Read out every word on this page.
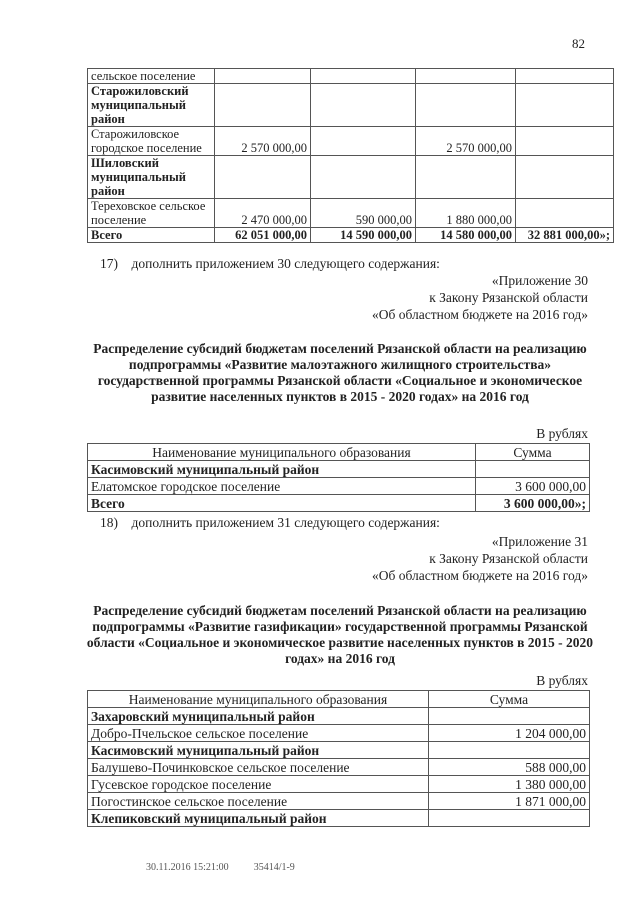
82
сельское поселение				
Старожиловский муниципальный район				
Старожиловское городское поселение	2 570 000,00		2 570 000,00	
Шиловский муниципальный район				
Тереховское сельское поселение	2 470 000,00	590 000,00	1 880 000,00	
Всего	62 051 000,00	14 590 000,00	14 580 000,00	32 881 000,00»;
17) дополнить приложением 30 следующего содержания:
«Приложение 30
к Закону Рязанской области
«Об областном бюджете на 2016 год»
Распределение субсидий бюджетам поселений Рязанской области на реализацию подпрограммы «Развитие малоэтажного жилищного строительства» государственной программы Рязанской области «Социальное и экономическое развитие населенных пунктов в 2015 - 2020 годах» на 2016 год
В рублях
Наименование муниципального образования	Сумма
Касимовский муниципальный район	
Елатомское городское поселение	3 600 000,00
Всего	3 600 000,00»;
18) дополнить приложением 31 следующего содержания:
«Приложение 31
к Закону Рязанской области
«Об областном бюджете на 2016 год»
Распределение субсидий бюджетам поселений Рязанской области на реализацию подпрограммы «Развитие газификации» государственной программы Рязанской области «Социальное и экономическое развитие населенных пунктов в 2015 - 2020 годах» на 2016 год
В рублях
Наименование муниципального образования	Сумма
Захаровский муниципальный район	
Добро-Пчельское сельское поселение	1 204 000,00
Касимовский муниципальный район	
Балушево-Починковское сельское поселение	588 000,00
Гусевское городское поселение	1 380 000,00
Погостинское сельское поселение	1 871 000,00
Клепиковский муниципальный район	
30.11.2016 15:21:00	35414/1-9
